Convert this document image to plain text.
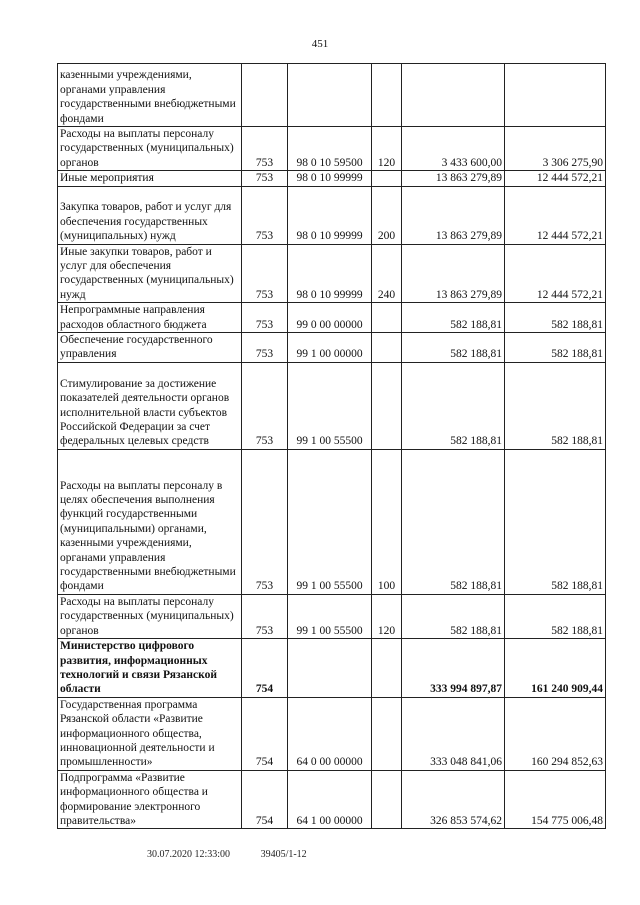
451
казенными учреждениями, органами управления государственными внебюджетными фондами					
Расходы на выплаты персоналу государственных (муниципальных) органов	753	98 0 10 59500	120	3 433 600,00	3 306 275,90
Иные мероприятия	753	98 0 10 99999		13 863 279,89	12 444 572,21
Закупка товаров, работ и услуг для обеспечения государственных (муниципальных) нужд	753	98 0 10 99999	200	13 863 279,89	12 444 572,21
Иные закупки товаров, работ и услуг для обеспечения государственных (муниципальных) нужд	753	98 0 10 99999	240	13 863 279,89	12 444 572,21
Непрограммные направления расходов областного бюджета	753	99 0 00 00000		582 188,81	582 188,81
Обеспечение государственного управления	753	99 1 00 00000		582 188,81	582 188,81
Стимулирование за достижение показателей деятельности органов исполнительной власти субъектов Российской Федерации за счет федеральных целевых средств	753	99 1 00 55500		582 188,81	582 188,81
Расходы на выплаты персоналу в целях обеспечения выполнения функций государственными (муниципальными) органами, казенными учреждениями, органами управления государственными внебюджетными фондами	753	99 1 00 55500	100	582 188,81	582 188,81
Расходы на выплаты персоналу государственных (муниципальных) органов	753	99 1 00 55500	120	582 188,81	582 188,81
Министерство цифрового развития, информационных технологий и связи Рязанской области	754			333 994 897,87	161 240 909,44
Государственная программа Рязанской области «Развитие информационного общества, инновационной деятельности и промышленности»	754	64 0 00 00000		333 048 841,06	160 294 852,63
Подпрограмма «Развитие информационного общества и формирование электронного правительства»	754	64 1 00 00000		326 853 574,62	154 775 006,48
30.07.2020 12:33:00	39405/1-12
